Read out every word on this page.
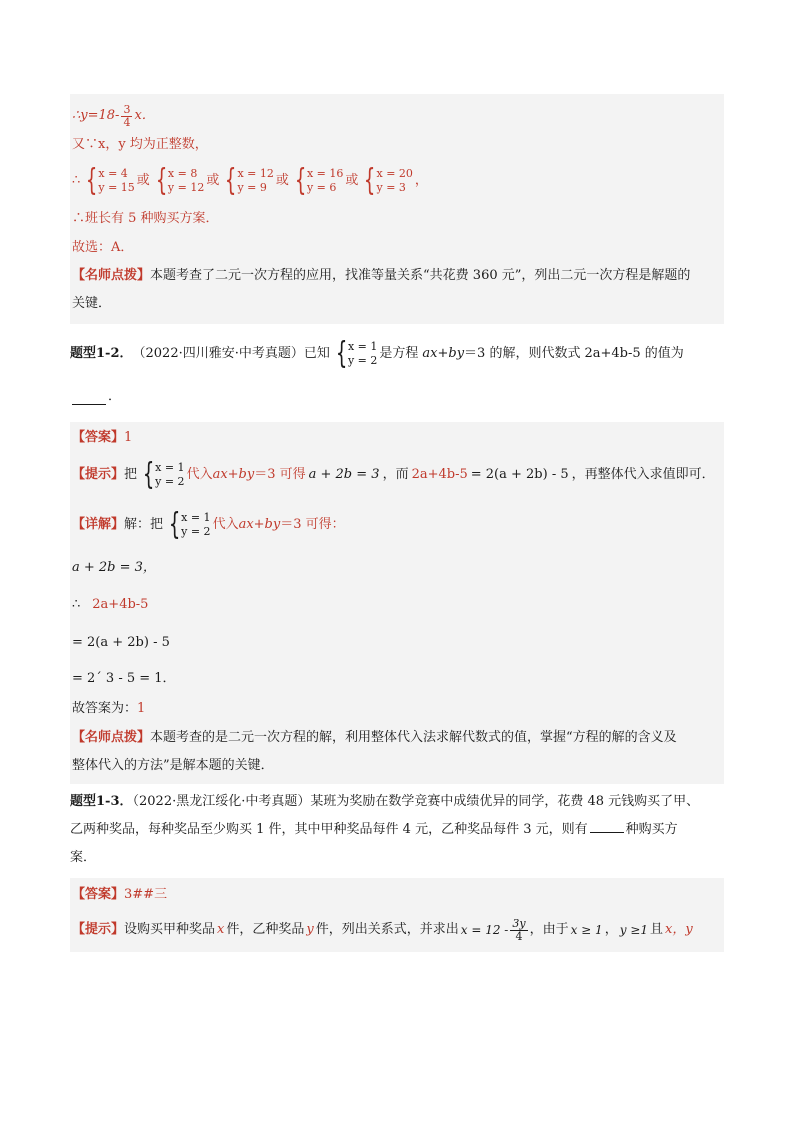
∴y=18- $\frac{3}{4}$ x．
又∵x，y 均为正整数，
∴ { x = 4
y = 15 或 { x = 8
y = 12 或 { x = 12
y = 9 或 { x = 16
y = 6 或 { x = 20
y = 3 ，
∴班长有 5 种购买方案．
故选：A．
【名师点拨】本题考查了二元一次方程的应用，找准等量关系“共花费 360 元”，列出二元一次方程是解题的
关键．
题型1-2． （2022·四川雅安·中考真题）已知 { x = 1
y = 2 是方程 ax+by ＝3 的解，则代数式 2a+4b -5 的值为
．
【答案】 1
【提示】 把 { x = 1
y = 2 代入 ax+by ＝3 可得 a + 2b = 3 ，而 2a+4b-5 = 2(a + 2b) - 5 ，再整体代入求值即可．
【详解】 解：把 { x = 1
y = 2 代入 ax+by ＝3 可得：
a + 2b = 3，
∴ 2a+4b-5
= 2(a + 2b) - 5
= 2´ 3 - 5 = 1．
故答案为： 1
【名师点拨】本题考查的是二元一次方程的解，利用整体代入法求解代数式的值，掌握“方程的解的含义及
整体代入的方法”是解本题的关键．
题型1-3．（2022·黑龙江绥化·中考真题）某班为奖励在数学竞赛中成绩优异的同学，花费 48 元钱购买了甲、
乙两种奖品，每种奖品至少购买 1 件，其中甲种奖品每件 4 元，乙种奖品每件 3 元，则有	种购买方
案．
【答案】 3##三
【提示】 设购买甲种奖品 x 件，乙种奖品 y 件，列出关系式，并求出 $x = 12 - \frac{3y}{4}$ ，由于 x ≥ 1 ， y ≥1 且 x，y
